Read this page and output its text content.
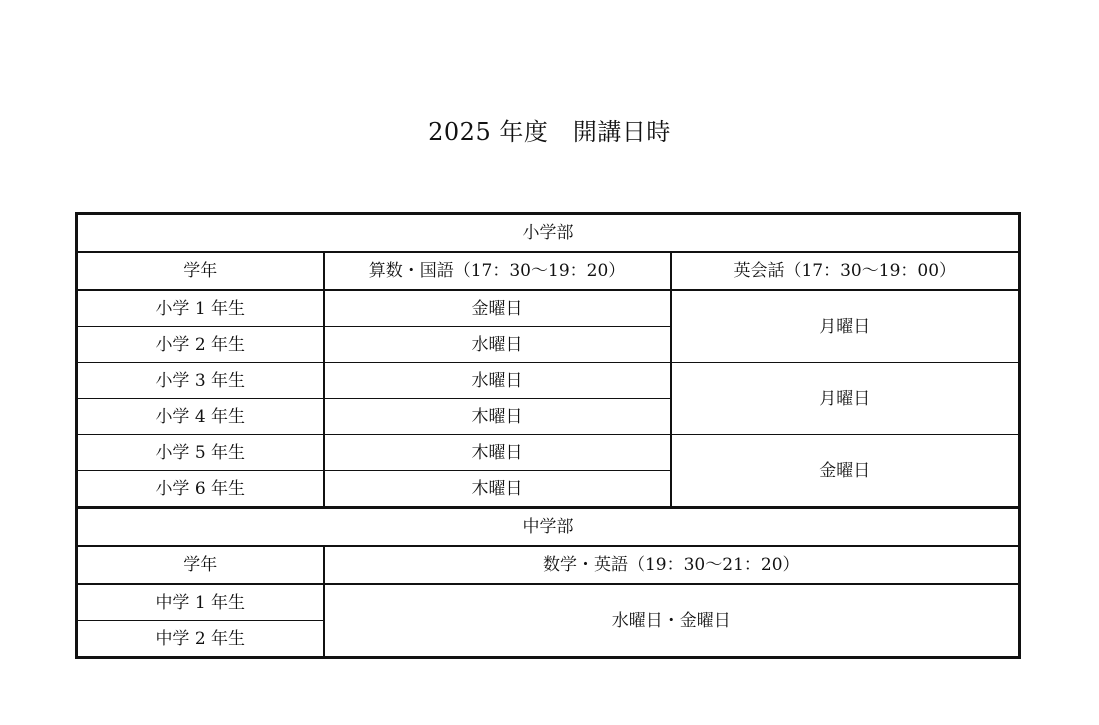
2025 年度　開講日時
小学部		
学年	算数・国語（17：30〜19：20）	英会話（17：30〜19：00）
小学 1 年生	金曜日	月曜日
小学 2 年生	水曜日	
小学 3 年生	水曜日	月曜日
小学 4 年生	木曜日	
小学 5 年生	木曜日	金曜日
小学 6 年生	木曜日	
中学部		
学年	数学・英語（19：30〜21：20）	
中学 1 年生	水曜日・金曜日	
中学 2 年生		
